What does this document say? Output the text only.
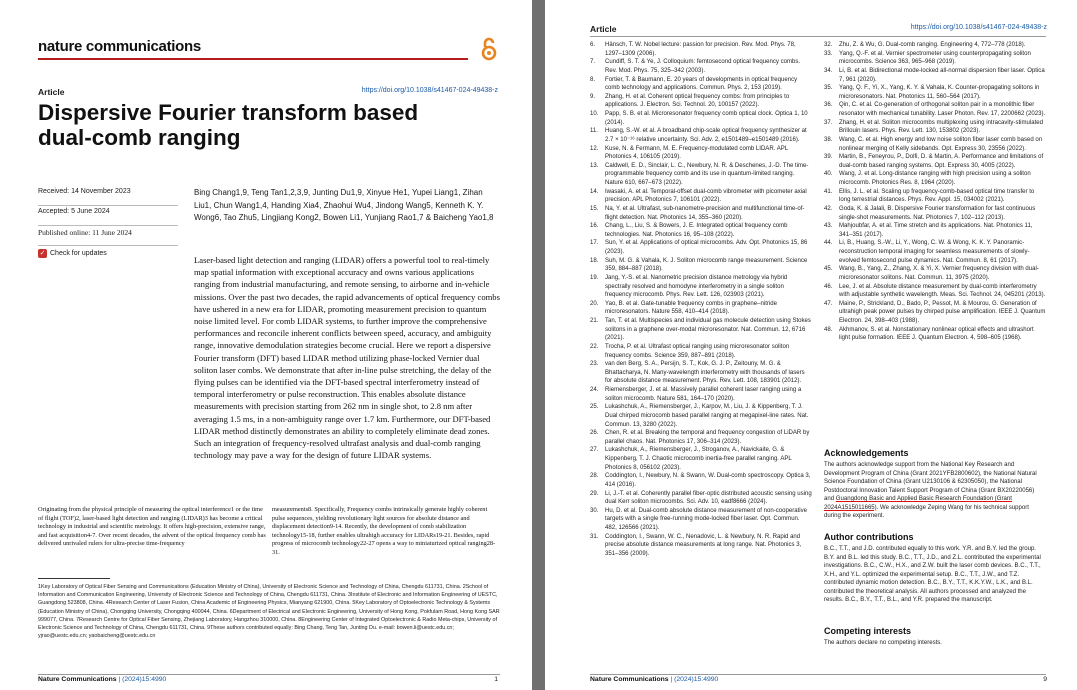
nature communications
Article	https://doi.org/10.1038/s41467-024-49438-z
Dispersive Fourier transform based dual-comb ranging
Received: 14 November 2023
Accepted: 5 June 2024
Published online: 11 June 2024
✓ Check for updates
Bing Chang1,9, Teng Tan1,2,3,9, Junting Du1,9, Xinyue He1, Yupei Liang1, Zihan Liu1, Chun Wang1,4, Handing Xia4, Zhaohui Wu4, Jindong Wang5, Kenneth K. Y. Wong6, Tao Zhu5, Lingjiang Kong2, Bowen Li1, Yunjiang Rao1,7 & Baicheng Yao1,8

Laser-based light detection and ranging (LIDAR) offers a powerful tool to real-timely map spatial information with exceptional accuracy and owns various applications ranging from industrial manufacturing, and remote sensing, to airborne and in-vehicle missions. Over the past two decades, the rapid advancements of optical frequency combs have ushered in a new era for LIDAR, promoting measurement precision to quantum noise limited level. For comb LIDAR systems, to further improve the comprehensive performances and reconcile inherent conflicts between speed, accuracy, and ambiguity range, innovative demodulation strategies become crucial. Here we report a dispersive Fourier transform (DFT) based LIDAR method utilizing phase-locked Vernier dual soliton laser combs. We demonstrate that after in-line pulse stretching, the delay of the flying pulses can be identified via the DFT-based spectral interferometry instead of temporal interferometry or pulse reconstruction. This enables absolute distance measurements with precision starting from 262 nm in single shot, to 2.8 nm after averaging 1.5 ms, in a non-ambiguity range over 1.7 km. Furthermore, our DFT-based LIDAR method distinctly demonstrates an ability to completely eliminate dead zones. Such an integration of frequency-resolved ultrafast analysis and dual-comb ranging technology may pave a way for the design of future LIDAR systems.

Originating from the physical principle of measuring the optical interference1 or the time of flight (TOF)2, laser-based light detection and ranging (LIDAR)3 has become a critical technology in industrial and scientific metrology. It offers high-precision, extensive range, and fast acquisition4-7. Over recent decades, the advent of the optical frequency comb has delivered unrivaled rulers for ultra-precise time-frequency

measurements8. Specifically, Frequency combs intrinsically generate highly coherent pulse sequences, yielding revolutionary light sources for absolute distance and displacement detection9-14. Recently, the development of comb stabilization technology15-18, further enables ultrahigh accuracy for LIDARs19-21. Besides, rapid progress of microcomb technology22-27 opens a way to miniaturized optical ranging28-31.

1Key Laboratory of Optical Fiber Sensing and Communications (Education Ministry of China), University of Electronic Science and Technology of China, Chengdu 611731, China. 2School of Information and Communication Engineering, University of Electronic Science and Technology of China, Chengdu 611731, China. 3Institute of Electronic and Information Engineering of UESTC, Guangdong 523808, China. 4Research Center of Laser Fusion, China Academic of Engineering Physics, Mianyang 621900, China. 5Key Laboratory of Optoelectronic Technology & Systems (Education Ministry of China), Chongqing University, Chongqing 400044, China. 6Department of Electrical and Electronic Engineering, University of Hong Kong, Pokfulam Road, Hong Kong SAR 999077, China. 7Research Centre for Optical Fiber Sensing, Zhejiang Laboratory, Hangzhou 310000, China. 8Engineering Center of Integrated Optoelectronic & Radio Meta-chips, University of Electronic Science and Technology of China, Chengdu 611731, China. 9These authors contributed equally: Bing Chang, Teng Tan, Junting Du. e-mail: bowen.li@uestc.edu.cn; yjrao@uestc.edu.cn; yaobaicheng@uestc.edu.cn

Nature Communications | (2024)15:4990	1
Article	https://doi.org/10.1038/s41467-024-49438-z
6.	Hänsch, T. W. Nobel lecture: passion for precision. Rev. Mod. Phys. 78, 1297–1309 (2006).
7.	Cundiff, S. T. & Ye, J. Colloquium: femtosecond optical frequency combs. Rev. Mod. Phys. 75, 325–342 (2003).
8.	Fortier, T. & Baumann, E. 20 years of developments in optical frequency comb technology and applications. Commun. Phys. 2, 153 (2019).
9.	Zhang, H. et al. Coherent optical frequency combs: from principles to applications. J. Electron. Sci. Technol. 20, 100157 (2022).
10.	Papp, S. B. et al. Microresonator frequency comb optical clock. Optica 1, 10 (2014).
11.	Huang, S.-W. et al. A broadband chip-scale optical frequency synthesizer at 2.7 × 10⁻¹⁶ relative uncertainty. Sci. Adv. 2, e1501489–e1501489 (2016).
12.	Kuse, N. & Fermann, M. E. Frequency-modulated comb LIDAR. APL Photonics 4, 106105 (2019).
13.	Caldwell, E. D., Sinclair, L. C., Newbury, N. R. & Deschenes, J.-D. The time-programmable frequency comb and its use in quantum-limited ranging. Nature 610, 667–673 (2022).
14.	Iwasaki, A. et al. Temporal-offset dual-comb vibrometer with picometer axial precision. APL Photonics 7, 106101 (2022).
15.	Na, Y. et al. Ultrafast, sub-nanometre-precision and multifunctional time-of-flight detection. Nat. Photonics 14, 355–360 (2020).
16.	Chang, L., Liu, S. & Bowers, J. E. Integrated optical frequency comb technologies. Nat. Photonics 16, 95–108 (2022).
17.	Sun, Y. et al. Applications of optical microcombs. Adv. Opt. Photonics 15, 86 (2023).
18.	Suh, M. G. & Vahala, K. J. Soliton microcomb range measurement. Science 359, 884–887 (2018).
19.	Jang, Y.-S. et al. Nanometric precision distance metrology via hybrid spectrally resolved and homodyne interferometry in a single soliton frequency microcomb. Phys. Rev. Lett. 126, 023903 (2021).
20.	Yao, B. et al. Gate-tunable frequency combs in graphene–nitride microresonators. Nature 558, 410–414 (2018).
21.	Tan, T. et al. Multispecies and individual gas molecule detection using Stokes solitons in a graphene over-modal microresonator. Nat. Commun. 12, 6716 (2021).
22.	Trocha, P. et al. Ultrafast optical ranging using microresonator soliton frequency combs. Science 359, 887–891 (2018).
23.	van den Berg, S. A., Persijn, S. T., Kok, G. J. P., Zeitouny, M. G. & Bhattacharya, N. Many-wavelength interferometry with thousands of lasers for absolute distance measurement. Phys. Rev. Lett. 108, 183901 (2012).
24.	Riemensberger, J. et al. Massively parallel coherent laser ranging using a soliton microcomb. Nature 581, 164–170 (2020).
25.	Lukashchuk, A., Riemensberger, J., Karpov, M., Liu, J. & Kippenberg, T. J. Dual chirped microcomb based parallel ranging at megapixel-line rates. Nat. Commun. 13, 3280 (2022).
26.	Chen, R. et al. Breaking the temporal and frequency congestion of LiDAR by parallel chaos. Nat. Photonics 17, 306–314 (2023).
27.	Lukashchuk, A., Riemensberger, J., Stroganov, A., Navickaite, G. & Kippenberg, T. J. Chaotic microcomb inertia-free parallel ranging. APL Photonics 8, 056102 (2023).
28.	Coddington, I., Newbury, N. & Swann, W. Dual-comb spectroscopy. Optica 3, 414 (2016).
29.	Li, J.-T. et al. Coherently parallel fiber-optic distributed acoustic sensing using dual Kerr soliton microcombs. Sci. Adv. 10, eadf8666 (2024).
30.	Hu, D. et al. Dual-comb absolute distance measurement of non-cooperative targets with a single free-running mode-locked fiber laser. Opt. Commun. 482, 126566 (2021).
31.	Coddington, I., Swann, W. C., Nenadovic, L. & Newbury, N. R. Rapid and precise absolute distance measurements at long range. Nat. Photonics 3, 351–356 (2009).
32.	Zhu, Z. & Wu, G. Dual-comb ranging. Engineering 4, 772–778 (2018).
33.	Yang, Q.-F. et al. Vernier spectrometer using counterpropagating soliton microcombs. Science 363, 965–968 (2019).
34.	Li, B. et al. Bidirectional mode-locked all-normal dispersion fiber laser. Optica 7, 961 (2020).
35.	Yang, Q. F., Yi, X., Yang, K. Y. & Vahala, K. Counter-propagating solitons in microresonators. Nat. Photonics 11, 560–564 (2017).
36.	Qin, C. et al. Co-generation of orthogonal soliton pair in a monolithic fiber resonator with mechanical tunability. Laser Photon. Rev. 17, 2200662 (2023).
37.	Zhang, H. et al. Soliton microcombs multiplexing using intracavity-stimulated Brillouin lasers. Phys. Rev. Lett. 130, 153802 (2023).
38.	Wang, C. et al. High energy and low noise soliton fiber laser comb based on nonlinear merging of Kelly sidebands. Opt. Express 30, 23556 (2022).
39.	Martin, B., Feneyrou, P., Dolfi, D. & Martin, A. Performance and limitations of dual-comb based ranging systems. Opt. Express 30, 4005 (2022).
40.	Wang, J. et al. Long-distance ranging with high precision using a soliton microcomb. Photonics Res. 8, 1964 (2020).
41.	Ellis, J. L. et al. Scaling up frequency-comb-based optical time transfer to long terrestrial distances. Phys. Rev. Appl. 15, 034002 (2021).
42.	Goda, K. & Jalali, B. Dispersive Fourier transformation for fast continuous single-shot measurements. Nat. Photonics 7, 102–112 (2013).
43.	Mahjoubfar, A. et al. Time stretch and its applications. Nat. Photonics 11, 341–351 (2017).
44.	Li, B., Huang, S.-W., Li, Y., Wong, C. W. & Wong, K. K. Y. Panoramic-reconstruction temporal imaging for seamless measurements of slowly-evolved femtosecond pulse dynamics. Nat. Commun. 8, 61 (2017).
45.	Wang, B., Yang, Z., Zhang, X. & Yi, X. Vernier frequency division with dual-microresonator solitons. Nat. Commun. 11, 3975 (2020).
46.	Lee, J. et al. Absolute distance measurement by dual-comb interferometry with adjustable synthetic wavelength. Meas. Sci. Technol. 24, 045201 (2013).
47.	Maine, P., Strickland, D., Bado, P., Pessot, M. & Mourou, G. Generation of ultrahigh peak power pulses by chirped pulse amplification. IEEE J. Quantum Electron. 24, 398–403 (1988).
48.	Akhmanov, S. et al. Nonstationary nonlinear optical effects and ultrashort light pulse formation. IEEE J. Quantum Electron. 4, 598–605 (1968).
Acknowledgements

The authors acknowledge support from the National Key Research and Development Program of China (Grant 2021YFB2800602), the National Natural Science Foundation of China (Grant U2130106 & 62305050), the National Postdoctoral Innovation Talent Support Program of China (Grant BX20220056) and Guangdong Basic and Applied Basic Research Foundation (Grant 2024A1515011665). We acknowledge Zeping Wang for his technical support during the experiment.

Author contributions

B.C., T.T., and J.D. contributed equally to this work. Y.R. and B.Y. led the group. B.Y. and B.L. led this study. B.C., T.T., J.D., and Z.L. contributed the experimental investigations. B.C., C.W., H.X., and Z.W. built the laser comb devices. B.C., T.T., X.H., and Y.L. optimized the experimental setup. B.C., T.T., J.W., and T.Z. contributed dynamic motion detection. B.C., B.Y., T.T., K.K.Y.W., L.K., and B.L. contributed the theoretical analysis. All authors processed and analyzed the results. B.C., B.Y., T.T., B.L., and Y.R. prepared the manuscript.

Competing interests

The authors declare no competing interests.

Nature Communications | (2024)15:4990	9
